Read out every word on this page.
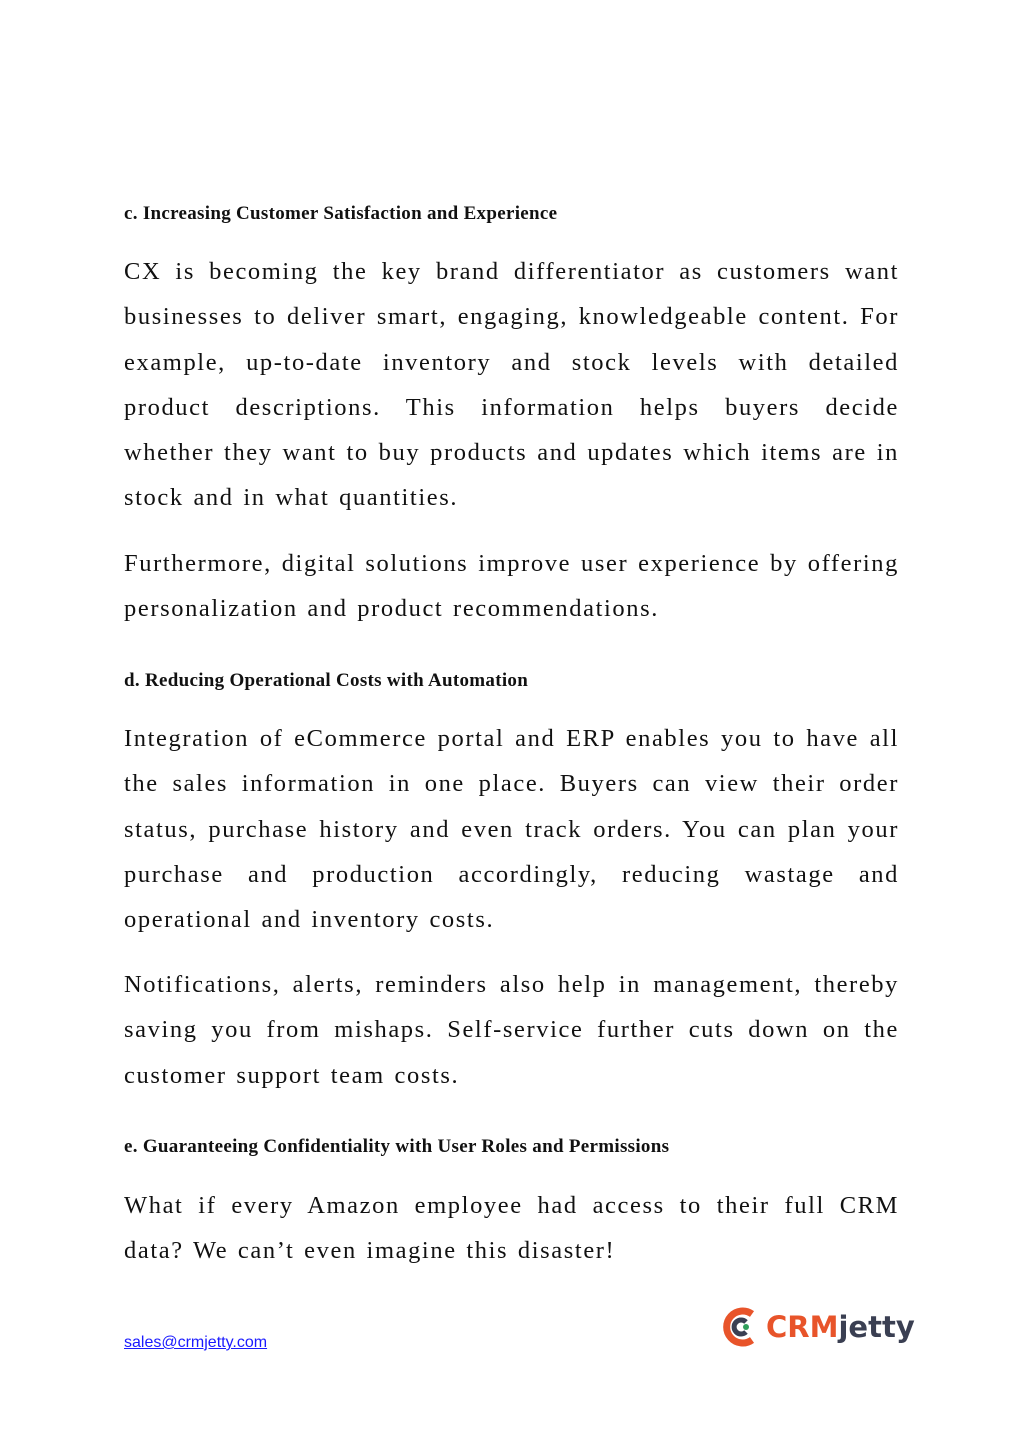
c. Increasing Customer Satisfaction and Experience

CX is becoming the key brand differentiator as customers want businesses to deliver smart, engaging, knowledgeable content. For example, up-to-date inventory and stock levels with detailed product descriptions. This information helps buyers decide whether they want to buy products and updates which items are in stock and in what quantities.

Furthermore, digital solutions improve user experience by offering personalization and product recommendations.

d. Reducing Operational Costs with Automation

Integration of eCommerce portal and ERP enables you to have all the sales information in one place. Buyers can view their order status, purchase history and even track orders. You can plan your purchase and production accordingly, reducing wastage and operational and inventory costs.

Notifications, alerts, reminders also help in management, thereby saving you from mishaps. Self-service further cuts down on the customer support team costs.

e. Guaranteeing Confidentiality with User Roles and Permissions

What if every Amazon employee had access to their full CRM data? We can’t even imagine this disaster!

sales@crmjetty.com	CRM jetty
